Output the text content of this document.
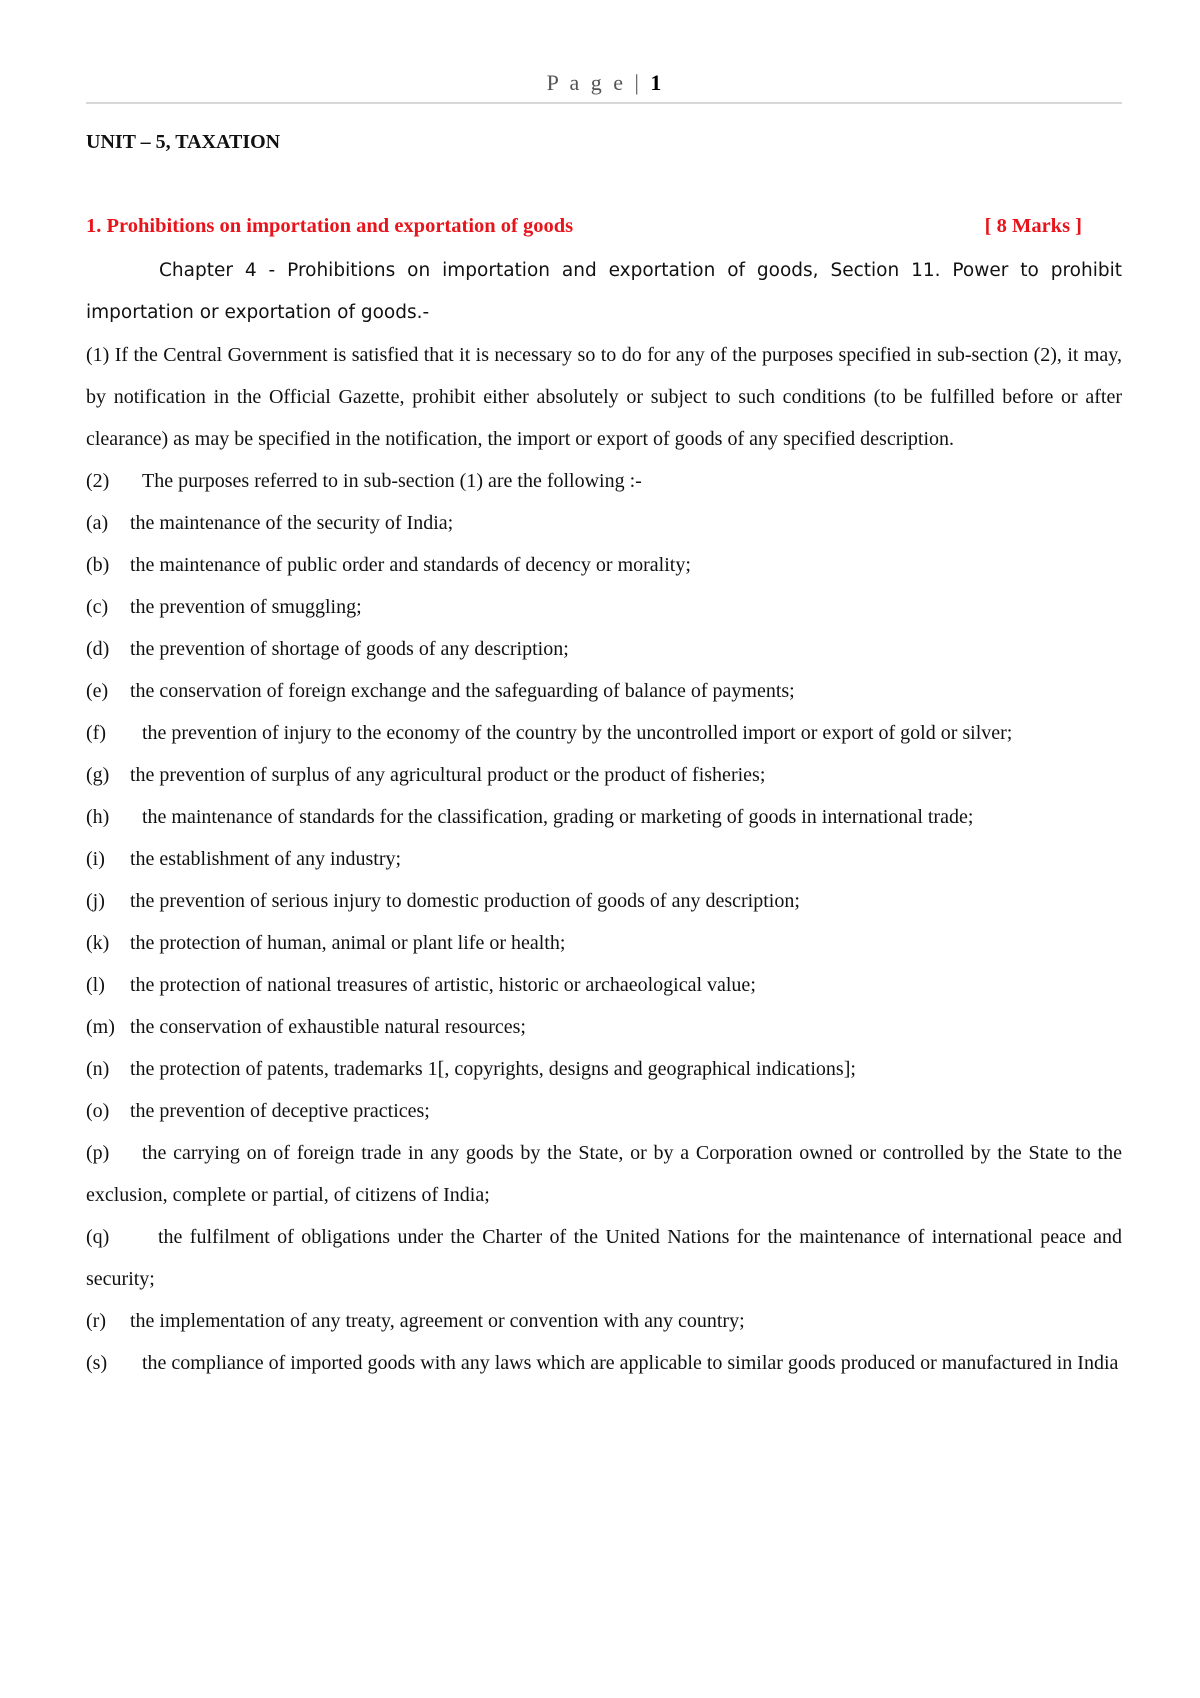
P a g e | 1
UNIT – 5, TAXATION
1. Prohibitions on importation and exportation of goods	[ 8 Marks ]

Chapter 4 - Prohibitions on importation and exportation of goods, Section 11. Power to prohibit importation or exportation of goods.-

(1) If the Central Government is satisfied that it is necessary so to do for any of the purposes specified in sub-section (2), it may, by notification in the Official Gazette, prohibit either absolutely or subject to such conditions (to be fulfilled before or after clearance) as may be specified in the notification, the import or export of goods of any specified description.

(2) The purposes referred to in sub-section (1) are the following :-

(a) the maintenance of the security of India;

(b) the maintenance of public order and standards of decency or morality;

(c) the prevention of smuggling;

(d) the prevention of shortage of goods of any description;

(e) the conservation of foreign exchange and the safeguarding of balance of payments;

(f) the prevention of injury to the economy of the country by the uncontrolled import or export of gold or silver;

(g) the prevention of surplus of any agricultural product or the product of fisheries;

(h) the maintenance of standards for the classification, grading or marketing of goods in international trade;

(i) the establishment of any industry;

(j) the prevention of serious injury to domestic production of goods of any description;

(k) the protection of human, animal or plant life or health;

(l) the protection of national treasures of artistic, historic or archaeological value;

(m) the conservation of exhaustible natural resources;

(n) the protection of patents, trademarks 1[, copyrights, designs and geographical indications];

(o) the prevention of deceptive practices;

(p) the carrying on of foreign trade in any goods by the State, or by a Corporation owned or controlled by the State to the exclusion, complete or partial, of citizens of India;

(q) the fulfilment of obligations under the Charter of the United Nations for the maintenance of international peace and security;

(r) the implementation of any treaty, agreement or convention with any country;

(s) the compliance of imported goods with any laws which are applicable to similar goods produced or manufactured in India
